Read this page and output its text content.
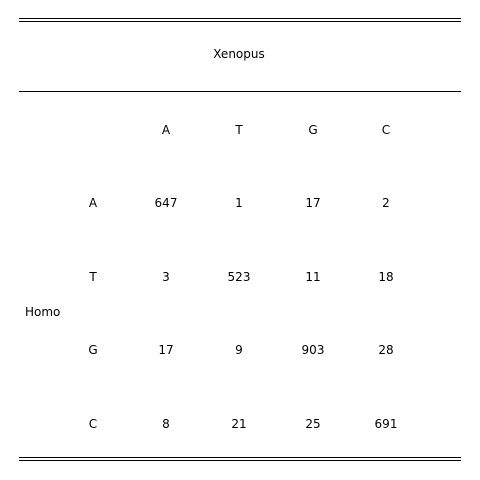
Xenopus
A	T	G	C
Homo
A	647	1	17	2
T	3	523	11	18
G	17	9	903	28
C	8	21	25	691
